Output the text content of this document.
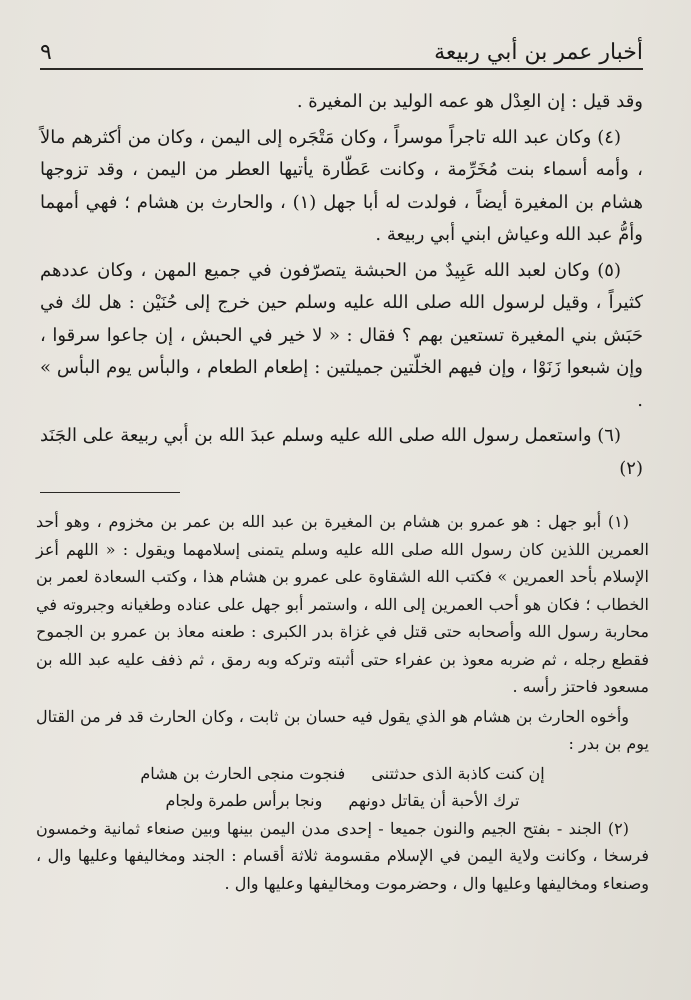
أخبار عمر بن أبي ربيعة
٩

وقد قيل : إن العِدْل هو عمه الوليد بن المغيرة .

(٤) وكان عبد الله تاجراً موسراً ، وكان مَتْجَره إلى اليمن ، وكان من أكثرهم مالاً ، وأمه أسماء بنت مُخَرِّمة ، وكانت عَطّارة يأتيها العطر من اليمن ، وقد تزوجها هشام بن المغيرة أيضاً ، فولدت له أبا جهل (١) ، والحارث بن هشام ؛ فهي أمهما وأمُّ عبد الله وعياش ابني أبي ربيعة .

(٥) وكان لعبد الله عَبِيدٌ من الحبشة يتصرّفون في جميع المهن ، وكان عددهم كثيراً ، وقيل لرسول الله صلى الله عليه وسلم حين خرج إلى حُنَيْن : هل لك في حَبَش بني المغيرة تستعين بهم ؟ فقال : « لا خير في الحبش ، إن جاعوا سرقوا ، وإن شبعوا زَنَوْا ، وإن فيهم الخلّتين جميلتين : إطعام الطعام ، والبأس يوم البأس » .

(٦) واستعمل رسول الله صلى الله عليه وسلم عبدَ الله بن أبي ربيعة على الجَنَد (٢)

(١) أبو جهل : هو عمرو بن هشام بن المغيرة بن عبد الله بن عمر بن مخزوم ، وهو أحد العمرين اللذين كان رسول الله صلى الله عليه وسلم يتمنى إسلامهما ويقول : « اللهم أعز الإسلام بأحد العمرين » فكتب الله الشقاوة على عمرو بن هشام هذا ، وكتب السعادة لعمر بن الخطاب ؛ فكان هو أحب العمرين إلى الله ، واستمر أبو جهل على عناده وطغيانه وجبروته في محاربة رسول الله وأصحابه حتى قتل في غزاة بدر الكبرى : طعنه معاذ بن عمرو بن الجموح فقطع رجله ، ثم ضربه معوذ بن عفراء حتى أثبته وتركه وبه رمق ، ثم ذفف عليه عبد الله بن مسعود فاحتز رأسه .

وأخوه الحارث بن هشام هو الذي يقول فيه حسان بن ثابت ، وكان الحارث قد فر من القتال يوم بن بدر :

إن كنت كاذبة الذى حدثتنى
فنجوت منجى الحارث بن هشام
ترك الأحبة أن يقاتل دونهم
ونجا برأس طمرة ولجام

(٢) الجند - بفتح الجيم والنون جميعا - إحدى مدن اليمن بينها وبين صنعاء ثمانية وخمسون فرسخا ، وكانت ولاية اليمن في الإسلام مقسومة ثلاثة أقسام : الجند ومخاليفها وعليها وال ، وصنعاء ومخاليفها وعليها وال ، وحضرموت ومخاليفها وعليها وال .
